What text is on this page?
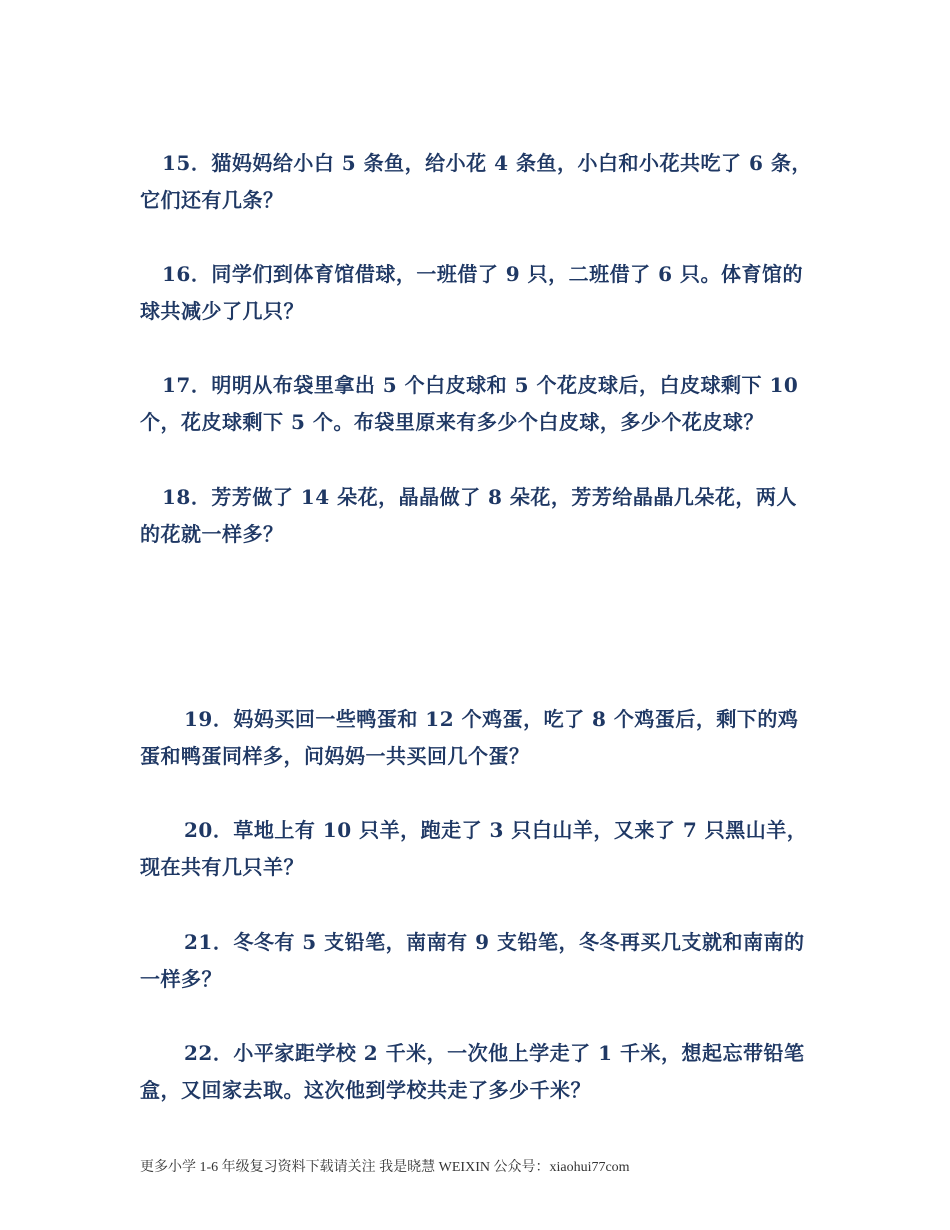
15．猫妈妈给小白 5 条鱼，给小花 4 条鱼，小白和小花共吃了 6 条，
它们还有几条？
16．同学们到体育馆借球，一班借了 9 只，二班借了 6 只。体育馆的
球共减少了几只？
17．明明从布袋里拿出 5 个白皮球和 5 个花皮球后，白皮球剩下 10
个，花皮球剩下 5 个。布袋里原来有多少个白皮球，多少个花皮球？
18．芳芳做了 14 朵花，晶晶做了 8 朵花，芳芳给晶晶几朵花，两人
的花就一样多？
19．妈妈买回一些鸭蛋和 12 个鸡蛋，吃了 8 个鸡蛋后，剩下的鸡
蛋和鸭蛋同样多，问妈妈一共买回几个蛋？
20．草地上有 10 只羊，跑走了 3 只白山羊，又来了 7 只黑山羊，
现在共有几只羊？
21．冬冬有 5 支铅笔，南南有 9 支铅笔，冬冬再买几支就和南南的
一样多？
22．小平家距学校 2 千米，一次他上学走了 1 千米，想起忘带铅笔
盒，又回家去取。这次他到学校共走了多少千米？
更多小学 1-6 年级复习资料下载请关注 我是晓慧 WEIXIN 公众号：xiaohui77com
